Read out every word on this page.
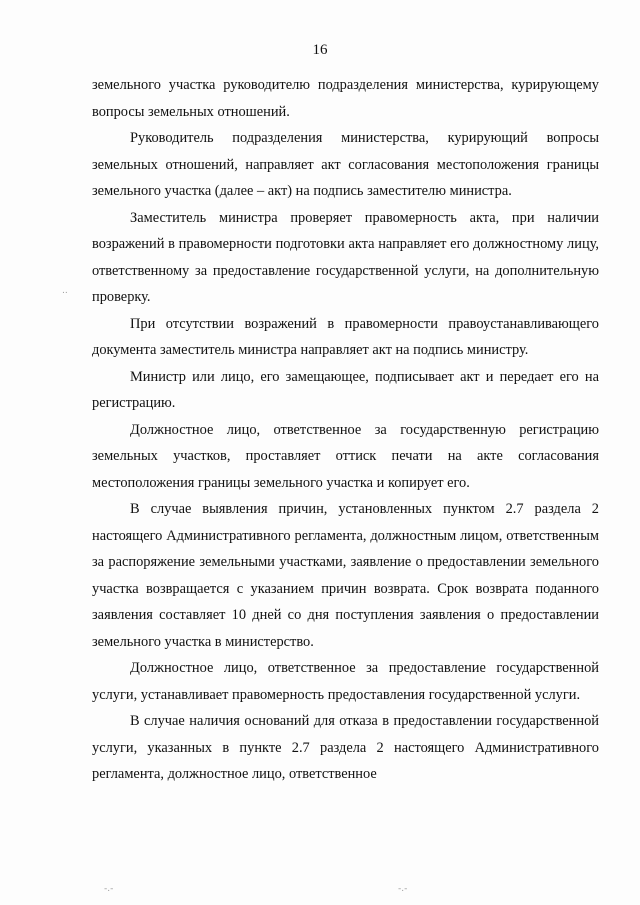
16

земельного участка руководителю подразделения министерства, курирующему вопросы земельных отношений.

Руководитель подразделения министерства, курирующий вопросы земельных отношений, направляет акт согласования местоположения границы земельного участка (далее – акт) на подпись заместителю министра.

Заместитель министра проверяет правомерность акта, при наличии возражений в правомерности подготовки акта направляет его должностному лицу, ответственному за предоставление государственной услуги, на дополнительную проверку.

При отсутствии возражений в правомерности правоустанавливающего документа заместитель министра направляет акт на подпись министру.

Министр или лицо, его замещающее, подписывает акт и передает его на регистрацию.

Должностное лицо, ответственное за государственную регистрацию земельных участков, проставляет оттиск печати на акте согласования местоположения границы земельного участка и копирует его.

В случае выявления причин, установленных пунктом 2.7 раздела 2 настоящего Административного регламента, должностным лицом, ответственным за распоряжение земельными участками, заявление о предоставлении земельного участка возвращается с указанием причин возврата. Срок возврата поданного заявления составляет 10 дней со дня поступления заявления о предоставлении земельного участка в министерство.

Должностное лицо, ответственное за предоставление государственной услуги, устанавливает правомерность предоставления государственной услуги.

В случае наличия оснований для отказа в предоставлении государственной услуги, указанных в пункте 2.7 раздела 2 настоящего Административного регламента, должностное лицо, ответственное

..
-.-	-.-
